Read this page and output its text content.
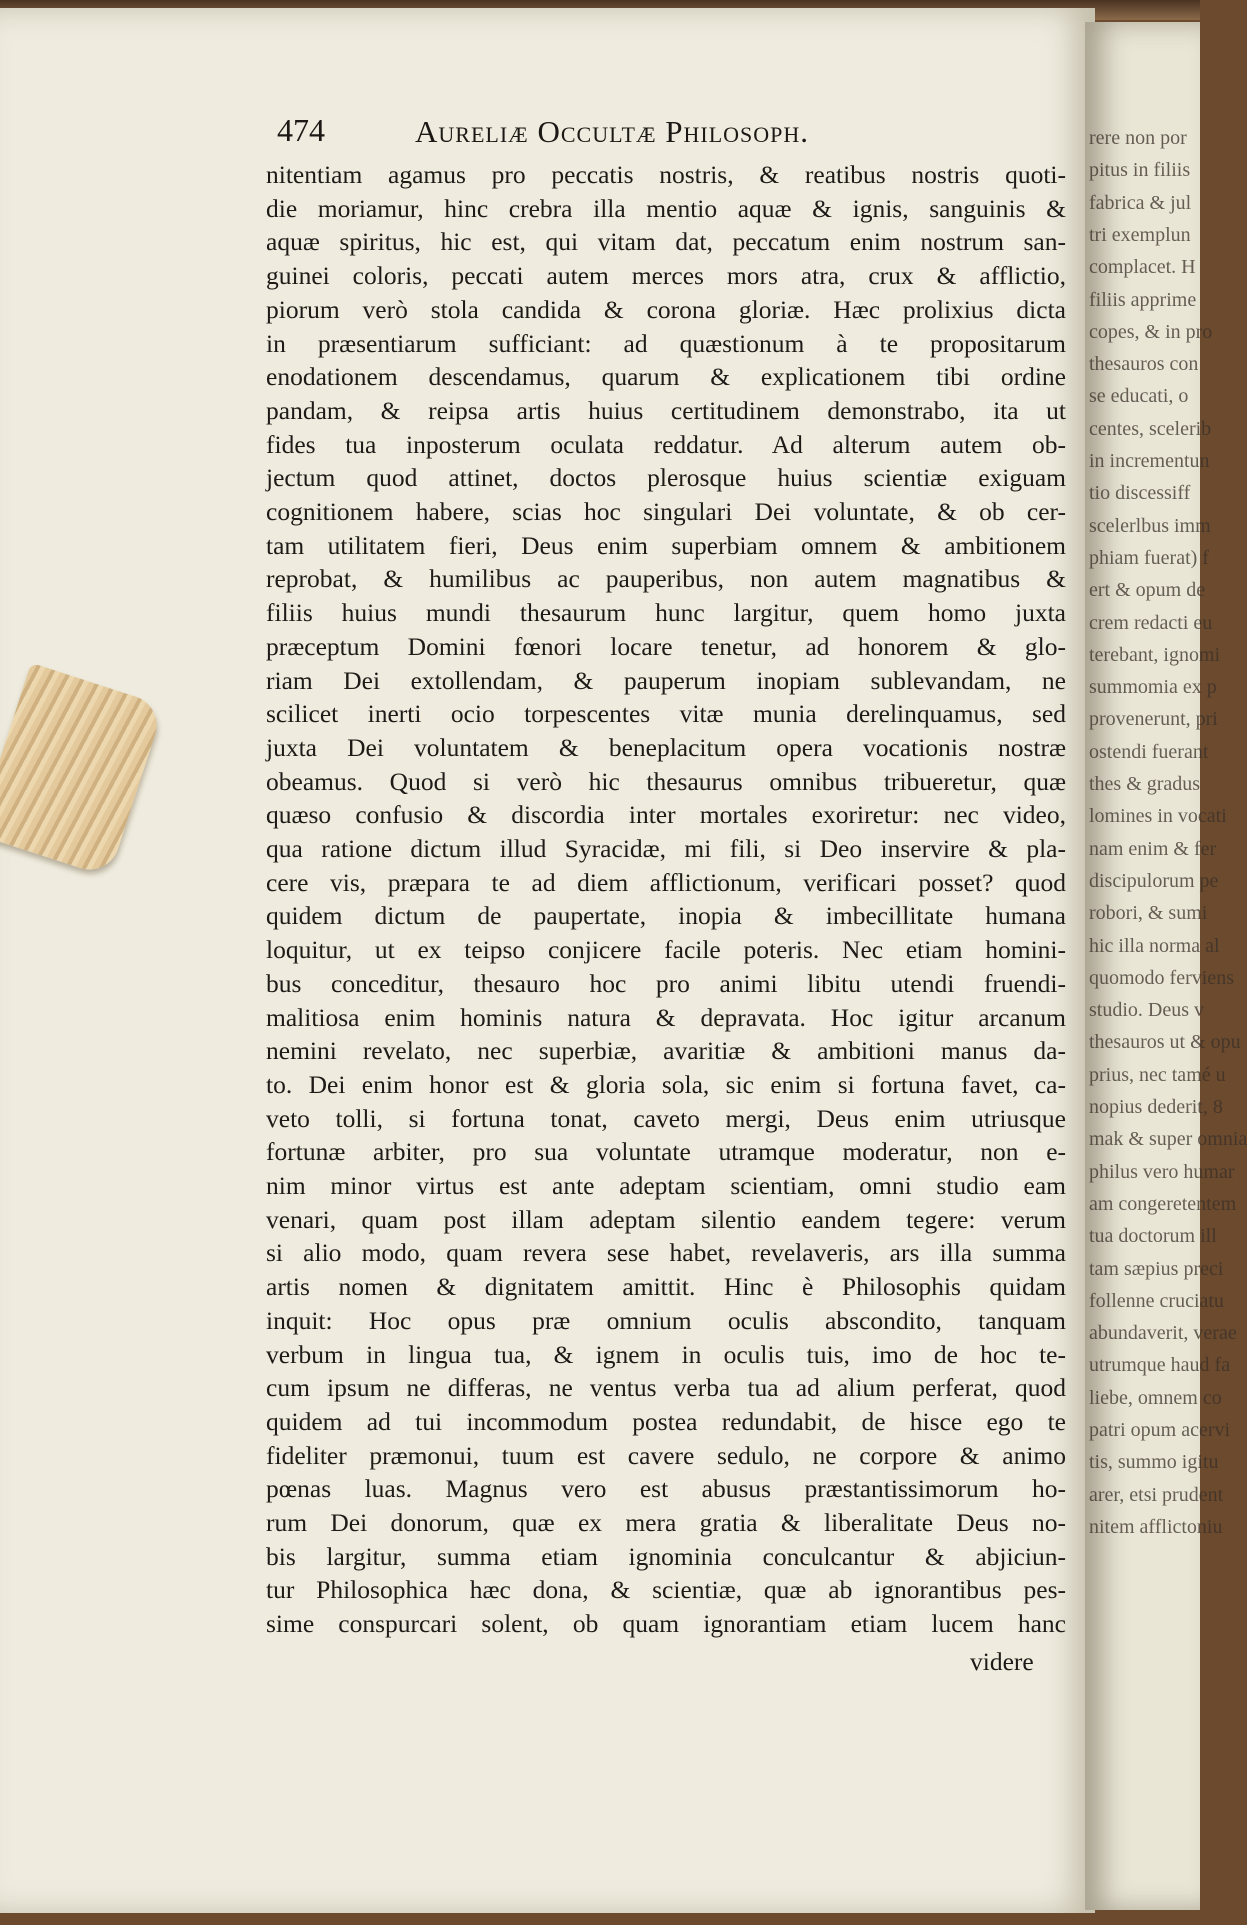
rere non por
pitus in filiis
fabrica & jul
tri exemplun
complacet. H
filiis apprime
copes, & in pro
thesauros con
se educati, o
centes, scelerib
in incrementun
tio discessiff
scelerlbus imm
phiam fuerat) f
ert & opum de
crem redacti eu
terebant, ignomi
summomia ex p
provenerunt, pri
ostendi fuerant
thes & gradus
lomines in vocati
nam enim & fer
discipulorum pe
robori, & sumi
hic illa norma al
quomodo ferviens
studio. Deus v
thesauros ut & opu
prius, nec tamé u
nopius dederit, 8
mak & super omnia
philus vero humar
am congeretentem
tua doctorum ill
tam sæpius preci
follenne cruciatu
abundaverit, verae
utrumque haud fa
liebe, omnem co
patri opum acervi
tis, summo igitu
arer, etsi prudent
nitem afflictoniu
474	Aureliæ Occultæ Philosoph.
nitentiam agamus pro peccatis nostris, & reatibus nostris quoti-
die moriamur, hinc crebra illa mentio aquæ & ignis, sanguinis &
aquæ spiritus, hic est, qui vitam dat, peccatum enim nostrum san-
guinei coloris, peccati autem merces mors atra, crux & afflictio,
piorum verò stola candida & corona gloriæ. Hæc prolixius dicta
in præsentiarum sufficiant: ad quæstionum à te propositarum
enodationem descendamus, quarum & explicationem tibi ordine
pandam, & reipsa artis huius certitudinem demonstrabo, ita ut
fides tua inposterum oculata reddatur. Ad alterum autem ob-
jectum quod attinet, doctos plerosque huius scientiæ exiguam
cognitionem habere, scias hoc singulari Dei voluntate, & ob cer-
tam utilitatem fieri, Deus enim superbiam omnem & ambitionem
reprobat, & humilibus ac pauperibus, non autem magnatibus &
filiis huius mundi thesaurum hunc largitur, quem homo juxta
præceptum Domini fœnori locare tenetur, ad honorem & glo-
riam Dei extollendam, & pauperum inopiam sublevandam, ne
scilicet inerti ocio torpescentes vitæ munia derelinquamus, sed
juxta Dei voluntatem & beneplacitum opera vocationis nostræ
obeamus. Quod si verò hic thesaurus omnibus tribueretur, quæ
quæso confusio & discordia inter mortales exoriretur: nec video,
qua ratione dictum illud Syracidæ, mi fili, si Deo inservire & pla-
cere vis, præpara te ad diem afflictionum, verificari posset? quod
quidem dictum de paupertate, inopia & imbecillitate humana
loquitur, ut ex teipso conjicere facile poteris. Nec etiam homini-
bus conceditur, thesauro hoc pro animi libitu utendi fruendi-
malitiosa enim hominis natura & depravata. Hoc igitur arcanum
nemini revelato, nec superbiæ, avaritiæ & ambitioni manus da-
to. Dei enim honor est & gloria sola, sic enim si fortuna favet, ca-
veto tolli, si fortuna tonat, caveto mergi, Deus enim utriusque
fortunæ arbiter, pro sua voluntate utramque moderatur, non e-
nim minor virtus est ante adeptam scientiam, omni studio eam
venari, quam post illam adeptam silentio eandem tegere: verum
si alio modo, quam revera sese habet, revelaveris, ars illa summa
artis nomen & dignitatem amittit. Hinc è Philosophis quidam
inquit: Hoc opus præ omnium oculis abscondito, tanquam
verbum in lingua tua, & ignem in oculis tuis, imo de hoc te-
cum ipsum ne differas, ne ventus verba tua ad alium perferat, quod
quidem ad tui incommodum postea redundabit, de hisce ego te
fideliter præmonui, tuum est cavere sedulo, ne corpore & animo
pœnas luas. Magnus vero est abusus præstantissimorum ho-
rum Dei donorum, quæ ex mera gratia & liberalitate Deus no-
bis largitur, summa etiam ignominia conculcantur & abjiciun-
tur Philosophica hæc dona, & scientiæ, quæ ab ignorantibus pes-
sime conspurcari solent, ob quam ignorantiam etiam lucem hanc
videre
